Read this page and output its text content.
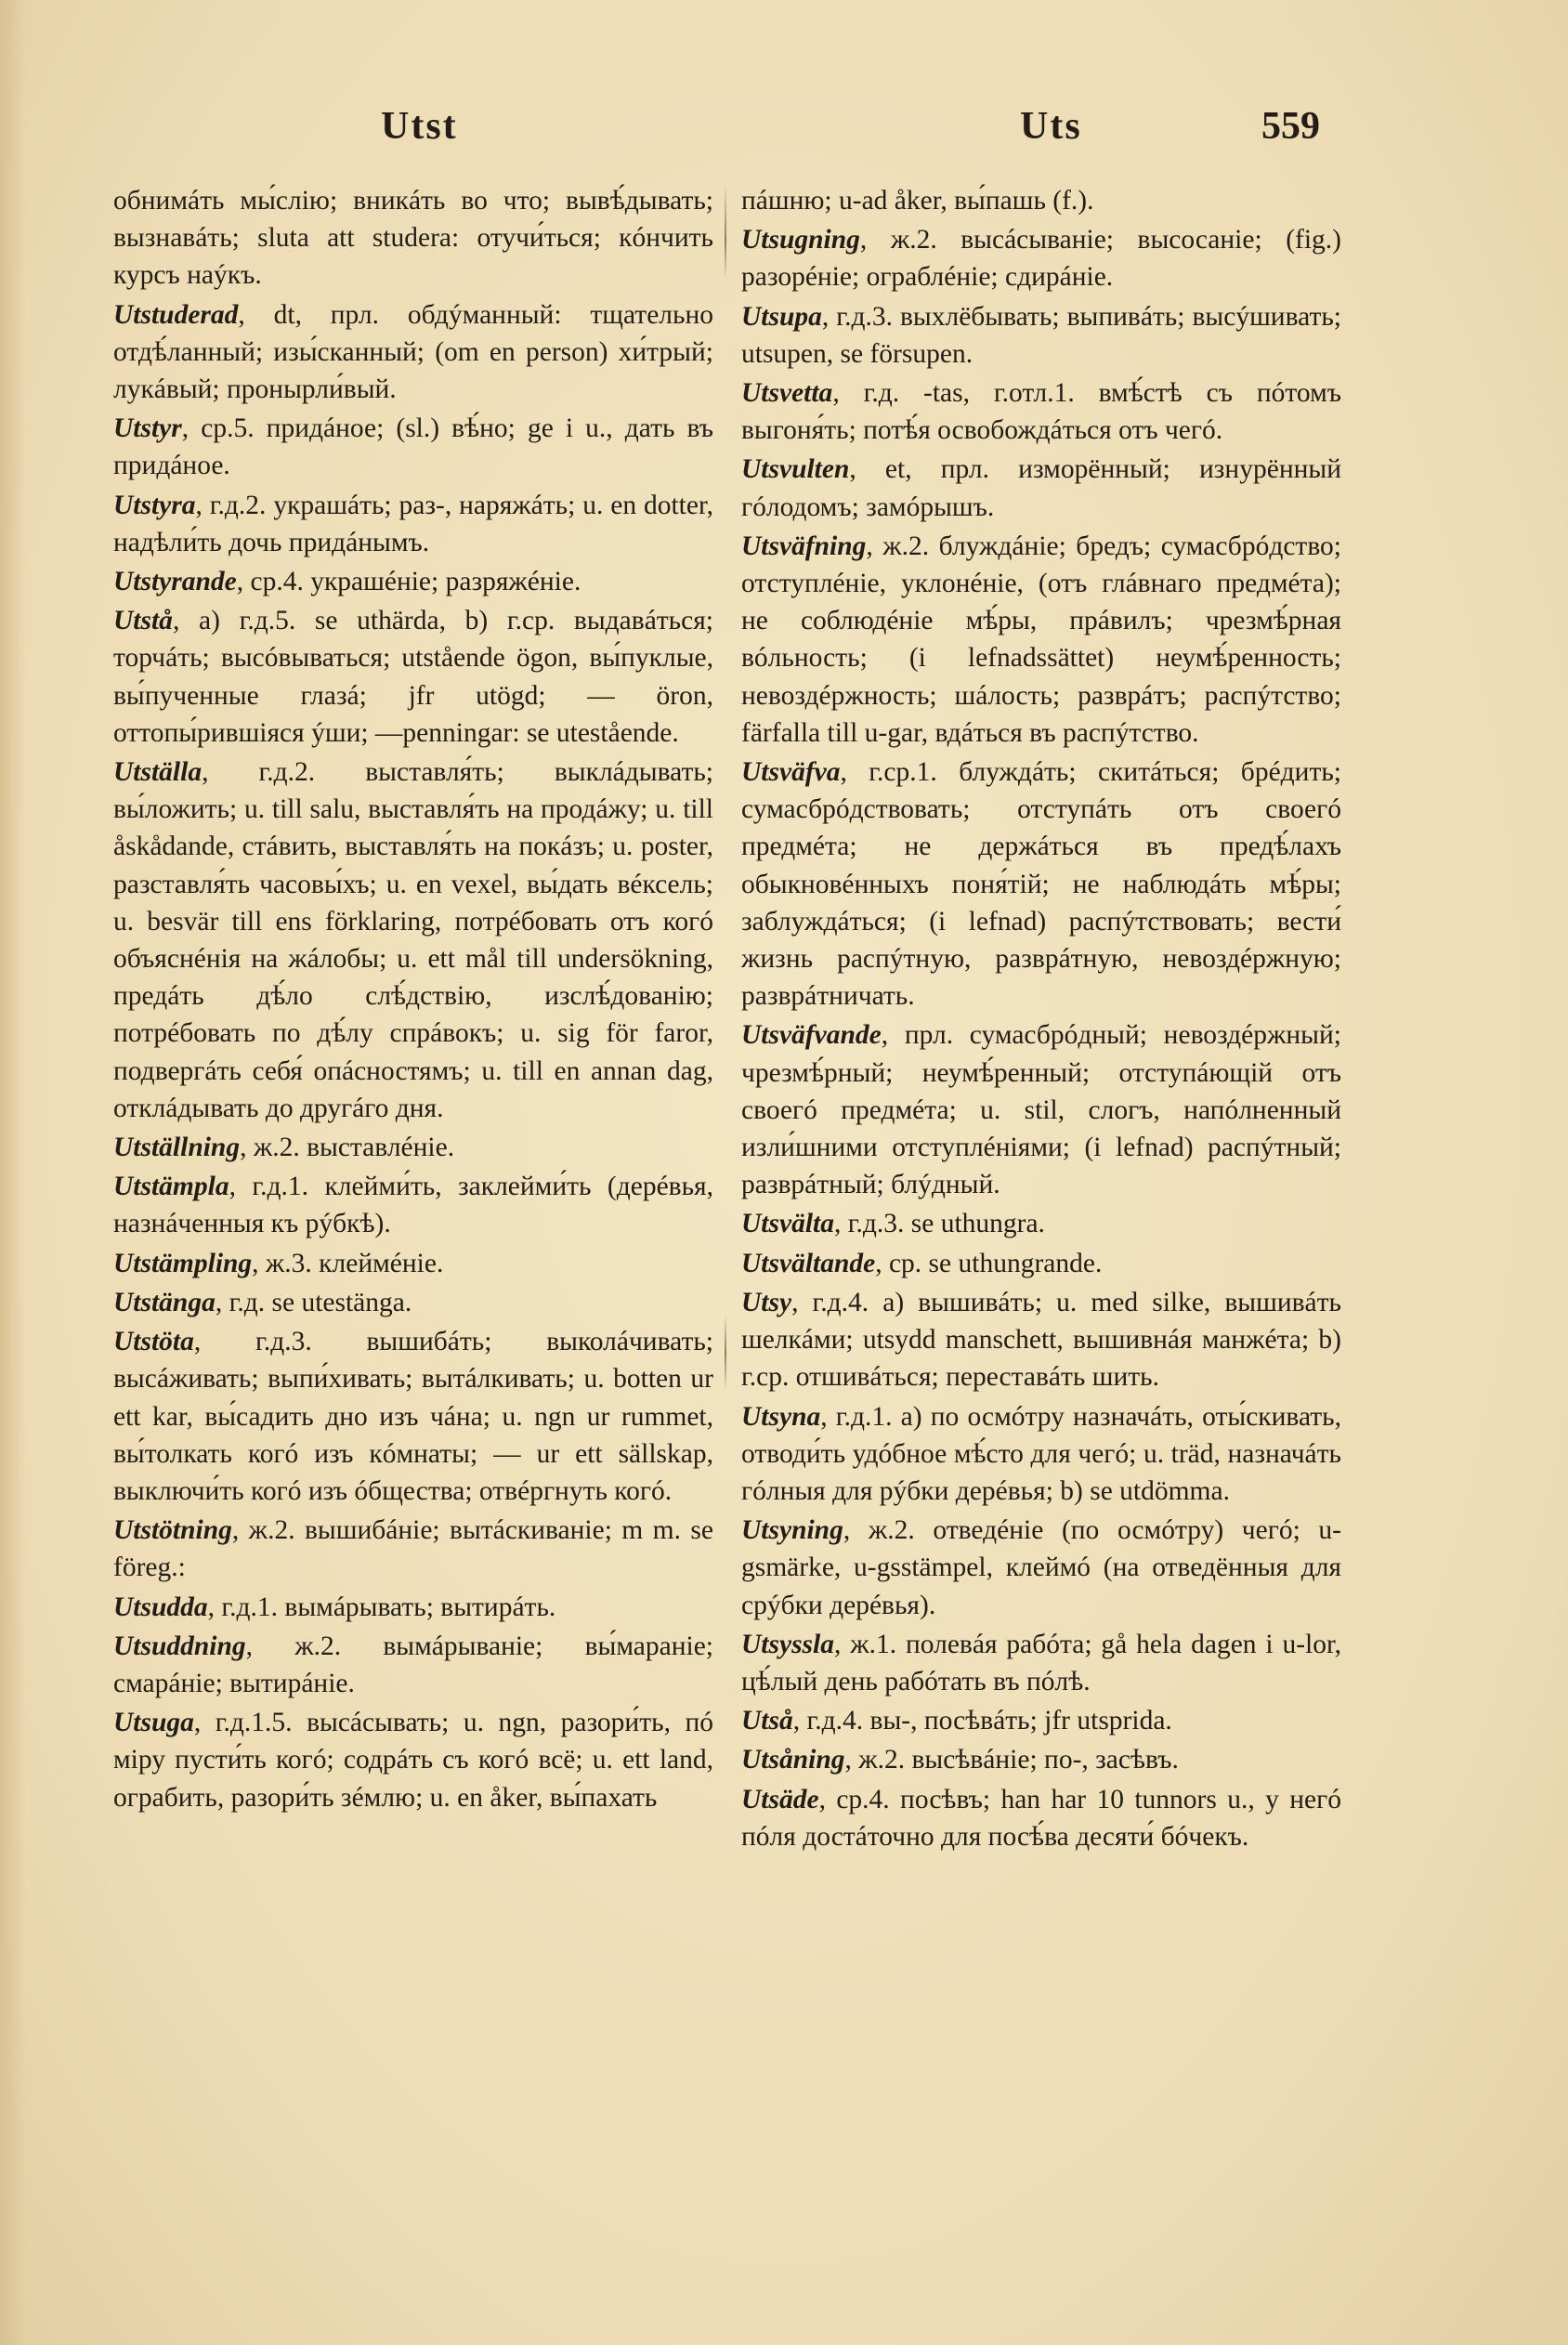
Utst	Uts	559

обнимáть мы́слію; вникáть во что; вывѣ́дывать; вызнавáть; sluta att studera: отучи́ться; кóнчить курсъ наýкъ.

Utstuderad, dt, прл. обдýманный: тщательно отдѣ́ланный; изы́сканный; (om en person) хи́трый; лукáвый; пронырли́вый.

Utstyr, ср.5. придáное; (sl.) вѣ́но; ge i u., дать въ придáное.

Utstyra, г.д.2. украшáть; раз-, наряжáть; u. en dotter, надѣли́ть дочь придáнымъ.

Utstyrande, ср.4. украшéніе; разряжéніе.

Utstå, a) г.д.5. se uthärda, b) г.ср. выдавáться; торчáть; высóвываться; utstående ögon, вы́пуклые, вы́пученные глазá; jfr utögd; — öron, оттопы́рившіяся ýши; —penningar: se utestående.

Utställa, г.д.2. выставля́ть; выклáдывать; вы́ложить; u. till salu, выставля́ть на продáжу; u. till åskådande, стáвить, выставля́ть на покáзъ; u. poster, разставля́ть часовы́хъ; u. en vexel, вы́дать вéксель; u. besvär till ens förklaring, потрéбовать отъ когó объяснéнія на жáлобы; u. ett mål till undersökning, предáть дѣ́ло слѣ́дствію, изслѣ́дованію; потрéбовать по дѣ́лу спрáвокъ; u. sig för faror, подвергáть себя́ опáсностямъ; u. till en annan dag, отклáдывать до другáго дня.

Utställning, ж.2. выставлéніе.

Utstämpla, г.д.1. клейми́ть, заклейми́ть (дерéвья, назнáченныя къ рýбкѣ).

Utstämpling, ж.3. клеймéніе.

Utstänga, г.д. se utestänga.

Utstöta, г.д.3. вышибáть; выколáчивать; выcáживать; выпи́хивать; вытáлкивать; u. botten ur ett kar, вы́садить дно изъ чáна; u. ngn ur rummet, вы́толкать когó изъ кóмнаты; — ur ett sällskap, выключи́ть когó изъ óбщества; отвéргнуть когó.

Utstötning, ж.2. вышибáніе; вытáскиваніе; m m. se föreg.:

Utsudda, г.д.1. вымáрывать; вытирáть.

Utsuddning, ж.2. вымáрываніе; вы́мараніе; смарáніе; вытирáніе.

Utsuga, г.д.1.5. высáсывать; u. ngn, разори́ть, пó міру пусти́ть когó; содрáть съ когó всё; u. ett land, ограбить, разори́ть зéмлю; u. en åker, вы́пахать

пáшню; u-ad åker, вы́пашь (f.).

Utsugning, ж.2. высáсываніе; высосаніе; (fig.) разорéніе; ограблéніе; сдирáніе.

Utsupa, г.д.3. выхлёбывать; выпивáть; высýшивать; utsupen, se försupen.

Utsvetta, г.д. -tas, г.отл.1. вмѣ́стѣ съ пóтомъ выгоня́ть; потѣ́я освобождáться отъ чегó.

Utsvulten, et, прл. изморённый; изнурённый гóлодомъ; замóрышъ.

Utsväfning, ж.2. блуждáніе; бредъ; сумасбрóдство; отступлéніе, уклонéніе, (отъ глáвнаго предмéта); не соблюдéніе мѣ́ры, прáвилъ; чрезмѣ́рная вóльность; (i lefnadssättet) неумѣ́ренность; невоздéржность; шáлость; разврáтъ; распýтство; färfalla till u-gar, вдáться въ распýтство.

Utsväfva, г.ср.1. блуждáть; скитáться; брéдить; сумасбрóдствовать; отступáть отъ своегó предмéта; не держáться въ предѣ́лахъ обыкновéнныхъ поня́тій; не наблюдáть мѣ́ры; заблуждáться; (i lefnad) распýтствовать; вести́ жизнь распýтную, разврáтную, невоздéржную; разврáтничать.

Utsväfvande, прл. сумасбрóдный; невоздéржный; чрезмѣ́рный; неумѣ́ренный; отступáющій отъ своегó предмéта; u. stil, слогъ, напóлненный изли́шними отступлéніями; (i lefnad) распýтный; разврáтный; блýдный.

Utsvälta, г.д.3. se uthungra.

Utsvältande, ср. se uthungrande.

Utsy, г.д.4. a) вышивáть; u. med silke, вышивáть шелкáми; utsydd manschett, вышивнáя манжéта; b) г.ср. отшивáться; переставáть шить.

Utsyna, г.д.1. a) по осмóтру назначáть, оты́скивать, отводи́ть удóбное мѣ́сто для чегó; u. träd, назначáть гóлныя для рýбки дерéвья; b) se utdömma.

Utsyning, ж.2. отведéніе (по осмóтру) чегó; u-gsmärke, u-gsstämpel, клеймó (на отведённыя для срýбки дерéвья).

Utsyssla, ж.1. полевáя рабóта; gå hela dagen i u-lor, цѣ́лый день рабóтать въ пóлѣ.

Utså, г.д.4. вы-, посѣвáть; jfr utsprida.

Utsåning, ж.2. высѣвáніе; по-, засѣвъ.

Utsäde, ср.4. посѣвъ; han har 10 tunnors u., у негó пóля достáточно для посѣ́ва десяти́ бóчекъ.
